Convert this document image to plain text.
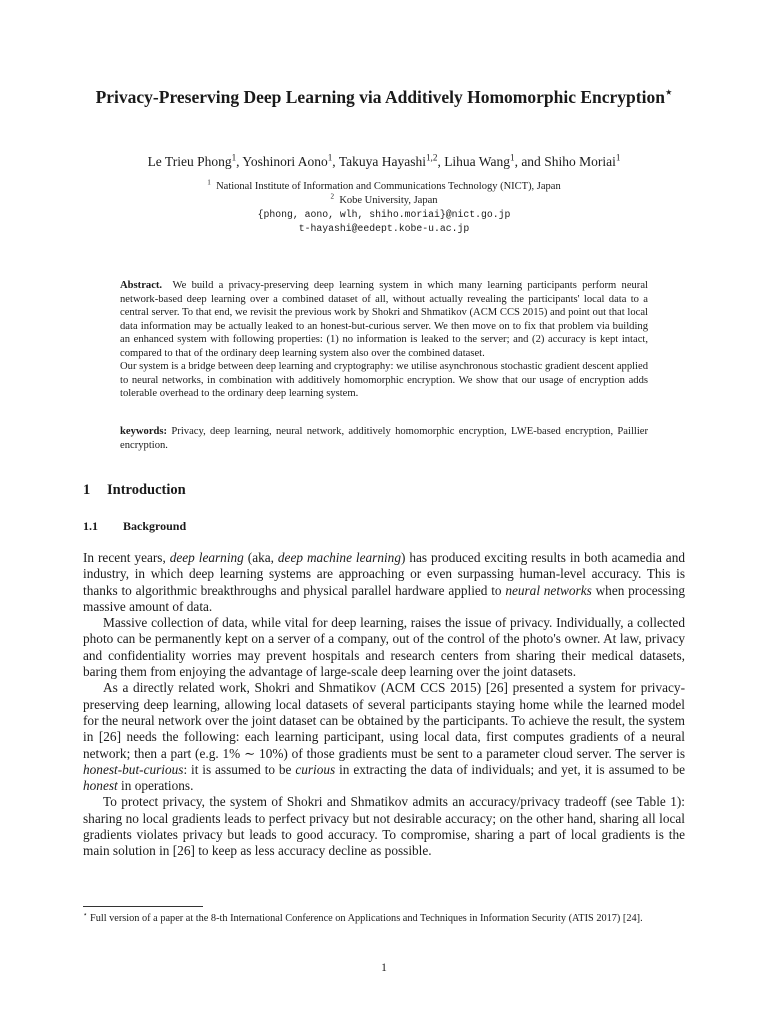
Privacy-Preserving Deep Learning via Additively Homomorphic Encryption⋆
Le Trieu Phong$^1$, Yoshinori Aono$^1$, Takuya Hayashi$^{1,2}$, Lihua Wang$^1$, and Shiho Moriai$^1$
$^1$ National Institute of Information and Communications Technology (NICT), Japan
$^2$ Kobe University, Japan
{phong, aono, wlh, shiho.moriai}@nict.go.jp
t-hayashi@eedept.kobe-u.ac.jp

Abstract. We build a privacy-preserving deep learning system in which many learning participants perform neural network-based deep learning over a combined dataset of all, without actually revealing the participants' local data to a central server. To that end, we revisit the previous work by Shokri and Shmatikov (ACM CCS 2015) and point out that local data information may be actually leaked to an honest-but-curious server. We then move on to fix that problem via building an enhanced system with following properties: (1) no information is leaked to the server; and (2) accuracy is kept intact, compared to that of the ordinary deep learning system also over the combined dataset.

Our system is a bridge between deep learning and cryptography: we utilise asynchronous stochastic gradient descent applied to neural networks, in combination with additively homomorphic encryption. We show that our usage of encryption adds tolerable overhead to the ordinary deep learning system.

keywords: Privacy, deep learning, neural network, additively homomorphic encryption, LWE-based encryption, Paillier encryption.
1 Introduction
1.1 Background

In recent years, deep learning (aka, deep machine learning) has produced exciting results in both acamedia and industry, in which deep learning systems are approaching or even surpassing human-level accuracy. This is thanks to algorithmic breakthroughs and physical parallel hardware applied to neural networks when processing massive amount of data.

Massive collection of data, while vital for deep learning, raises the issue of privacy. Individually, a collected photo can be permanently kept on a server of a company, out of the control of the photo's owner. At law, privacy and confidentiality worries may prevent hospitals and research centers from sharing their medical datasets, baring them from enjoying the advantage of large-scale deep learning over the joint datasets.

As a directly related work, Shokri and Shmatikov (ACM CCS 2015) [26] presented a system for privacy-preserving deep learning, allowing local datasets of several participants staying home while the learned model for the neural network over the joint dataset can be obtained by the participants. To achieve the result, the system in [26] needs the following: each learning participant, using local data, first computes gradients of a neural network; then a part (e.g. 1% ∼ 10%) of those gradients must be sent to a parameter cloud server. The server is honest-but-curious: it is assumed to be curious in extracting the data of individuals; and yet, it is assumed to be honest in operations.

To protect privacy, the system of Shokri and Shmatikov admits an accuracy/privacy tradeoff (see Table 1): sharing no local gradients leads to perfect privacy but not desirable accuracy; on the other hand, sharing all local gradients violates privacy but leads to good accuracy. To compromise, sharing a part of local gradients is the main solution in [26] to keep as less accuracy decline as possible.

⋆ Full version of a paper at the 8-th International Conference on Applications and Techniques in Information Security (ATIS 2017) [24].
1
